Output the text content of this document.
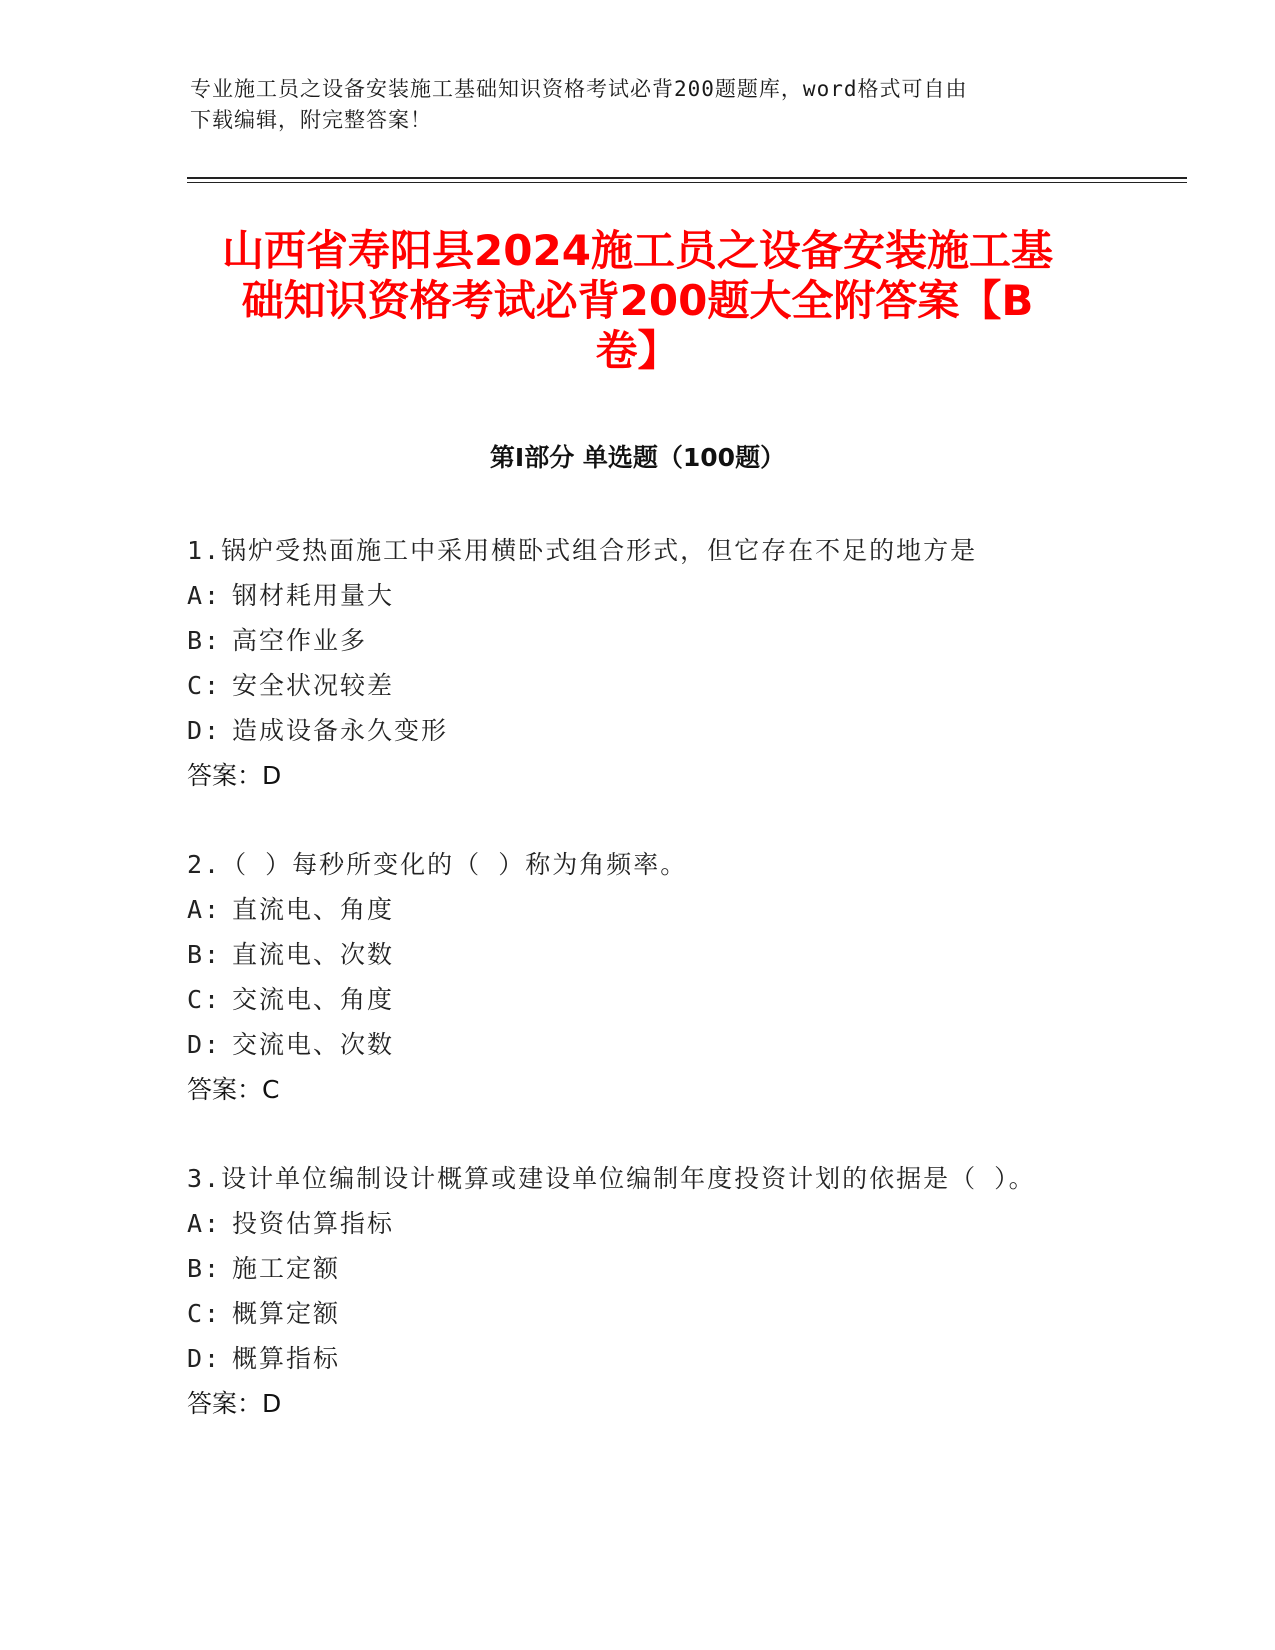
专业施工员之设备安装施工基础知识资格考试必背200题题库，word格式可自由
下载编辑，附完整答案！
山西省寿阳县2024施工员之设备安装施工基
础知识资格考试必背200题大全附答案【B
卷】
第Ⅰ部分 单选题（100题）
1.锅炉受热面施工中采用横卧式组合形式，但它存在不足的地方是
A: 钢材耗用量大
B: 高空作业多
C: 安全状况较差
D: 造成设备永久变形
答案：D
2.（ ）每秒所变化的（ ）称为角频率。
A: 直流电、角度
B: 直流电、次数
C: 交流电、角度
D: 交流电、次数
答案：C
3.设计单位编制设计概算或建设单位编制年度投资计划的依据是（ ）。
A: 投资估算指标
B: 施工定额
C: 概算定额
D: 概算指标
答案：D
